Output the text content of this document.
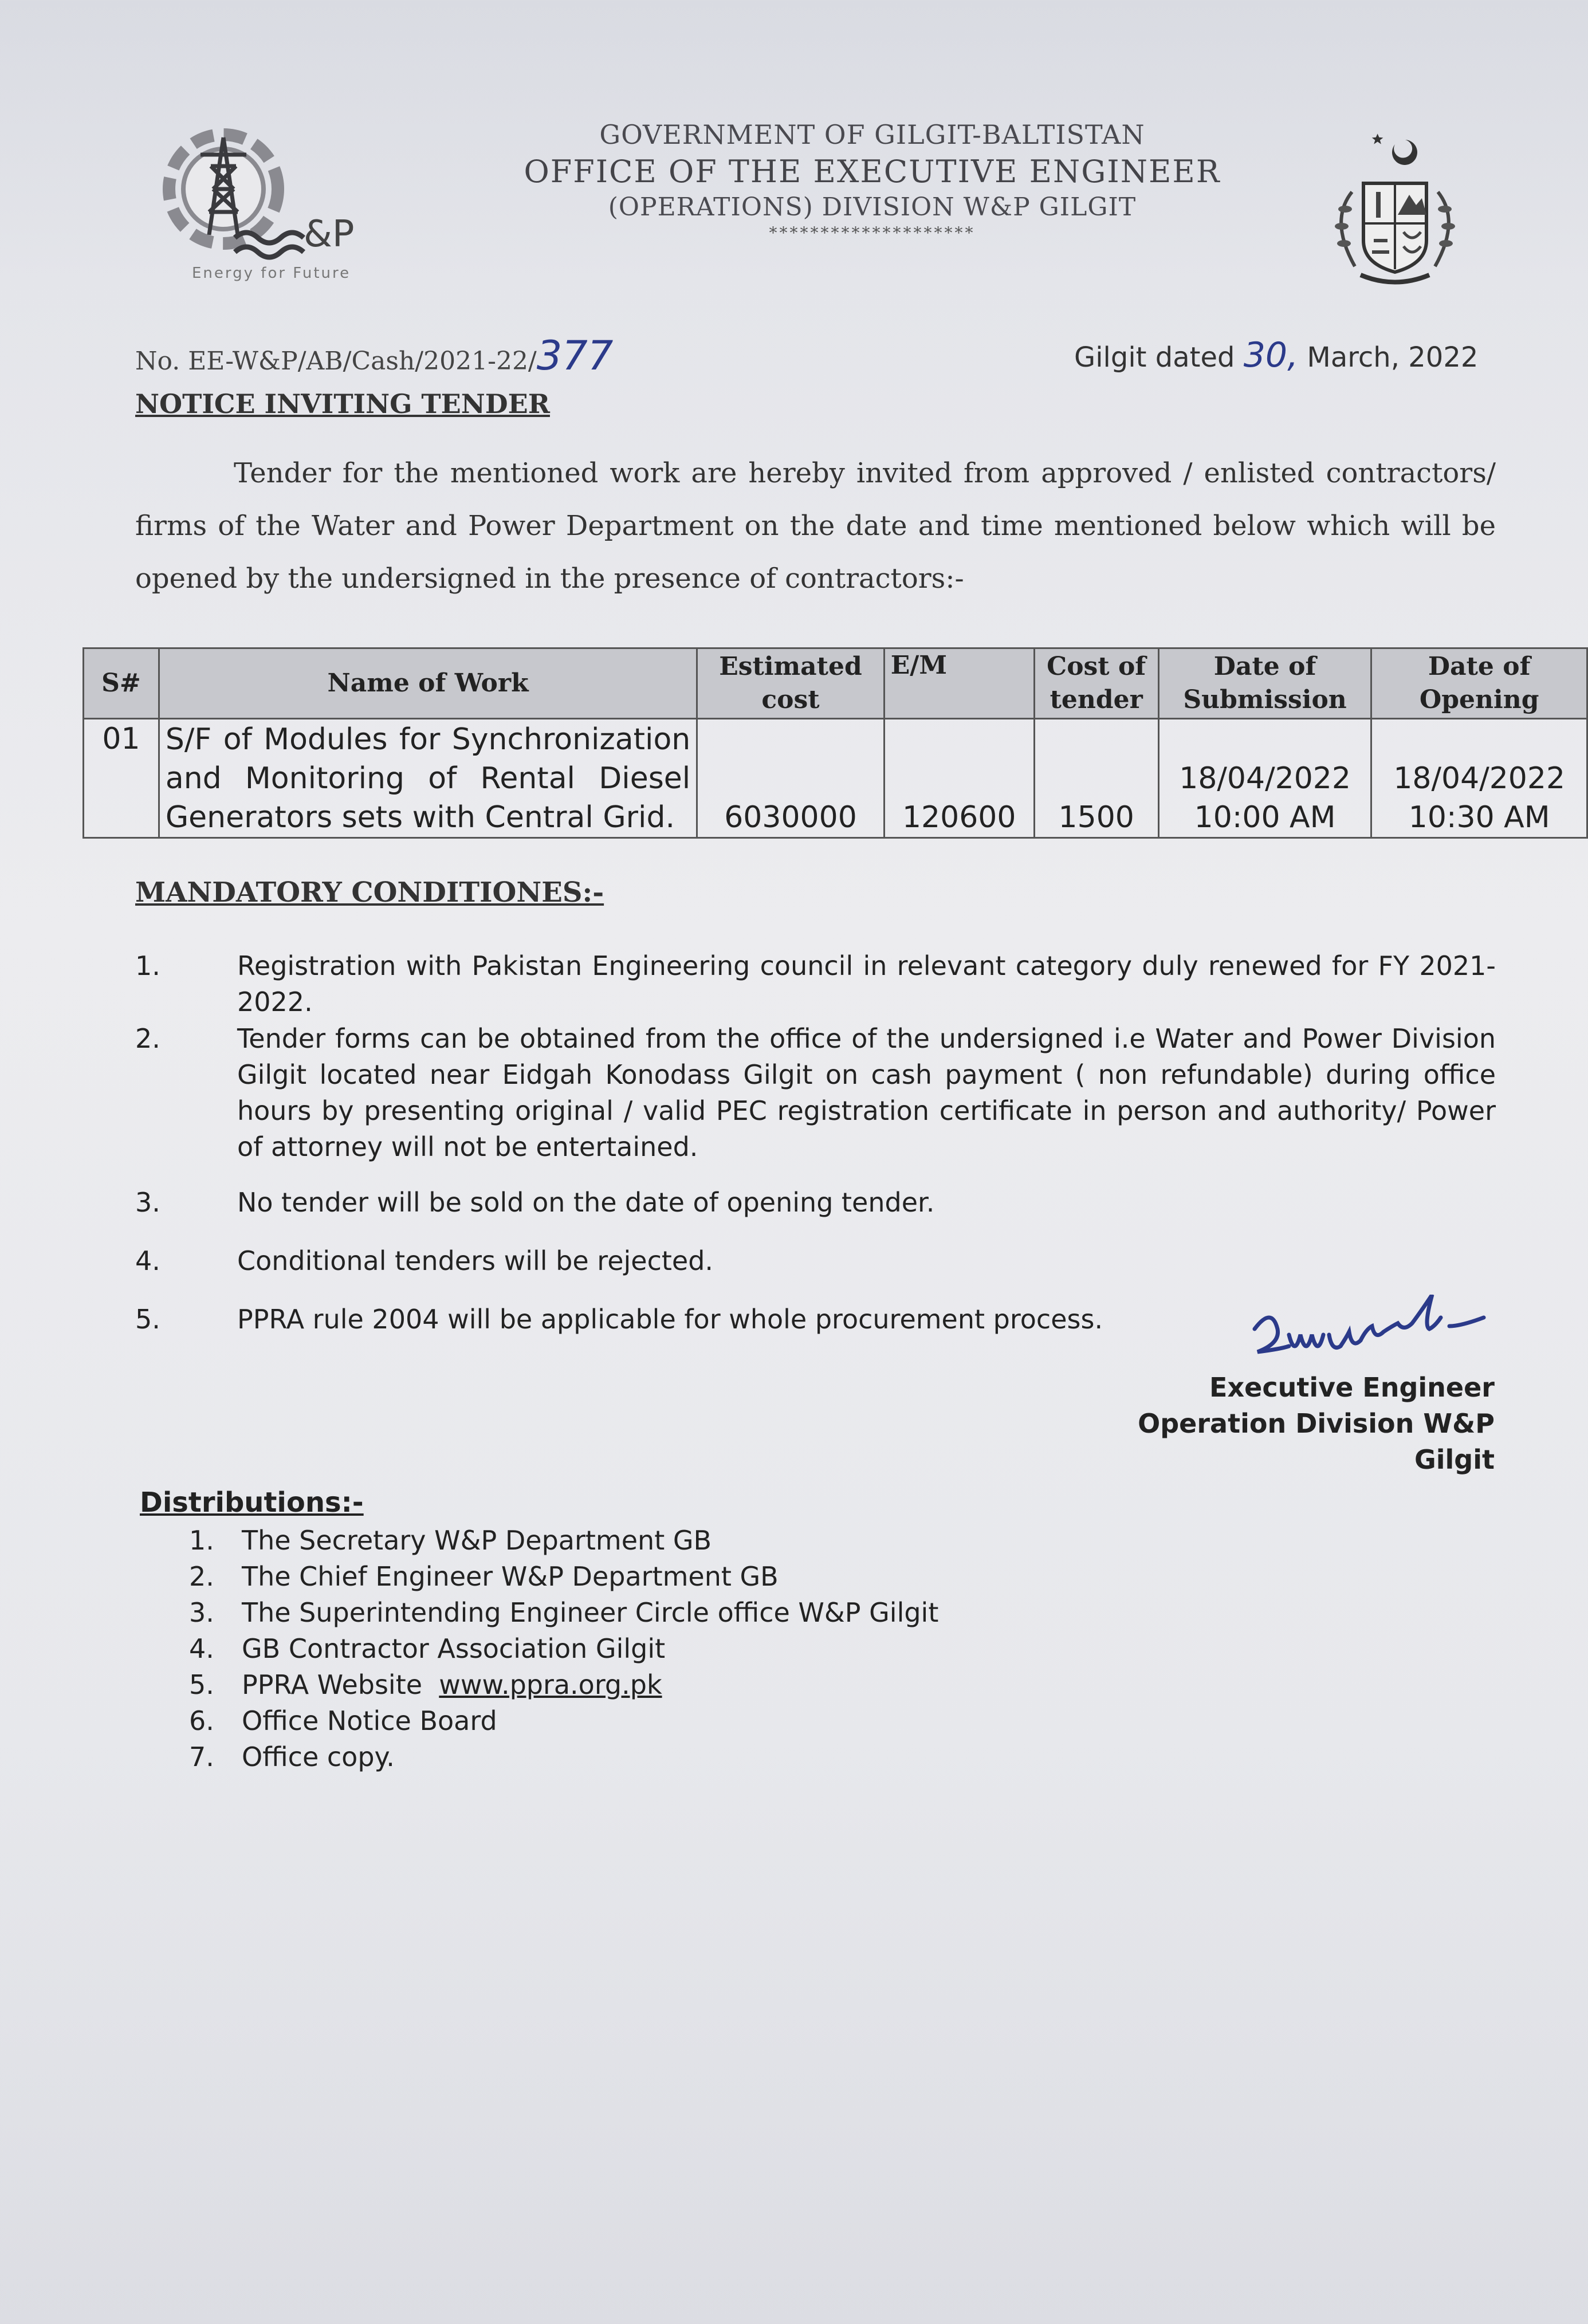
GOVERNMENT OF GILGIT-BALTISTAN
OFFICE OF THE EXECUTIVE ENGINEER
(OPERATIONS) DIVISION W&P GILGIT
********************
&P
Energy for Future
No. EE-W&P/AB/Cash/2021-22/377	Gilgit dated 30, March, 2022
NOTICE INVITING TENDER
Tender for the mentioned work are hereby invited from approved / enlisted contractors/ firms of the Water and Power Department on the date and time mentioned below which will be opened by the undersigned in the presence of contractors:-
S#	Name of Work	Estimated cost	E/M	Cost of tender	Date of Submission	Date of Opening
01	S/F of Modules for Synchronization and Monitoring of Rental Diesel Generators sets with Central Grid.	6030000	120600	1500	18/04/2022 10:00 AM	18/04/2022 10:30 AM
MANDATORY CONDITIONES:-
1.	Registration with Pakistan Engineering council in relevant category duly renewed for FY 2021-2022.
2.	Tender forms can be obtained from the office of the undersigned i.e Water and Power Division Gilgit located near Eidgah Konodass Gilgit on cash payment ( non refundable) during office hours by presenting original / valid PEC registration certificate in person and authority/ Power of attorney will not be entertained.
3.	No tender will be sold on the date of opening tender.
4.	Conditional tenders will be rejected.
5.	PPRA rule 2004 will be applicable for whole procurement process.
Executive Engineer
Operation Division W&P
Gilgit
Distributions:-
1. The Secretary W&P Department GB
2. The Chief Engineer W&P Department GB
3. The Superintending Engineer Circle office W&P Gilgit
4. GB Contractor Association Gilgit
5. PPRA Website www.ppra.org.pk
6. Office Notice Board
7. Office copy.
